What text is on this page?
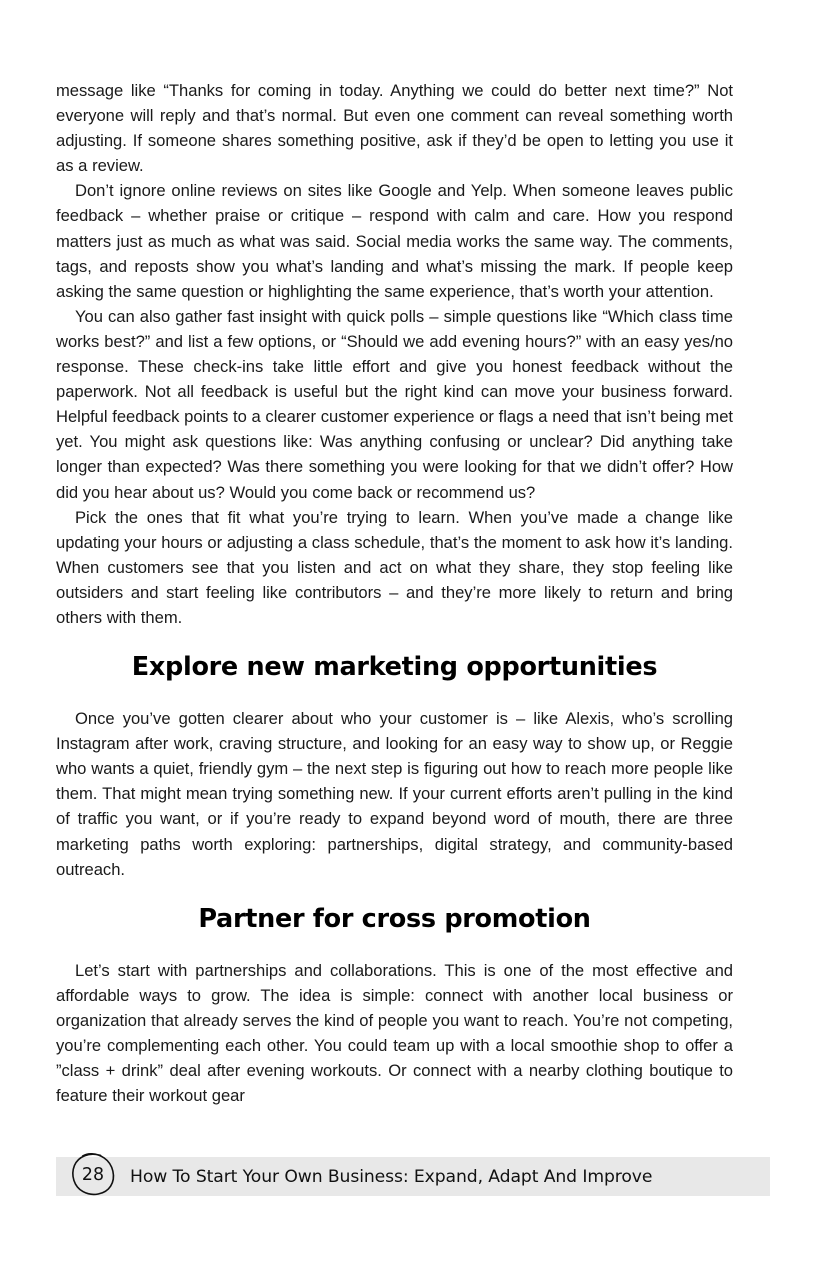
message like “Thanks for coming in today. Anything we could do better next time?” Not everyone will reply and that’s normal. But even one comment can reveal something worth adjusting. If someone shares something positive, ask if they’d be open to letting you use it as a review.

Don’t ignore online reviews on sites like Google and Yelp. When someone leaves public feedback – whether praise or critique – respond with calm and care. How you respond matters just as much as what was said. Social media works the same way. The comments, tags, and reposts show you what’s landing and what’s missing the mark. If people keep asking the same question or highlighting the same experience, that’s worth your attention.

You can also gather fast insight with quick polls – simple questions like “Which class time works best?” and list a few options, or “Should we add evening hours?” with an easy yes/no response. These check-ins take little effort and give you honest feedback without the paperwork. Not all feedback is useful but the right kind can move your business forward. Helpful feedback points to a clearer customer experience or flags a need that isn’t being met yet. You might ask questions like: Was anything confusing or unclear? Did anything take longer than expected? Was there something you were looking for that we didn’t offer? How did you hear about us? Would you come back or recommend us?

Pick the ones that fit what you’re trying to learn. When you’ve made a change like updating your hours or adjusting a class schedule, that’s the moment to ask how it’s landing. When customers see that you listen and act on what they share, they stop feeling like outsiders and start feeling like contributors – and they’re more likely to return and bring others with them.

Explore new marketing opportunities

Once you’ve gotten clearer about who your customer is – like Alexis, who’s scrolling Instagram after work, craving structure, and looking for an easy way to show up, or Reggie who wants a quiet, friendly gym – the next step is figuring out how to reach more people like them. That might mean trying something new. If your current efforts aren’t pulling in the kind of traffic you want, or if you’re ready to expand beyond word of mouth, there are three marketing paths worth exploring: partnerships, digital strategy, and community-based outreach.

Partner for cross promotion

Let’s start with partnerships and collaborations. This is one of the most effective and affordable ways to grow. The idea is simple: connect with another local business or organization that already serves the kind of people you want to reach. You’re not competing, you’re complementing each other. You could team up with a local smoothie shop to offer a ”class + drink” deal after evening workouts. Or connect with a nearby clothing boutique to feature their workout gear

28	How To Start Your Own Business: Expand, Adapt And Improve
